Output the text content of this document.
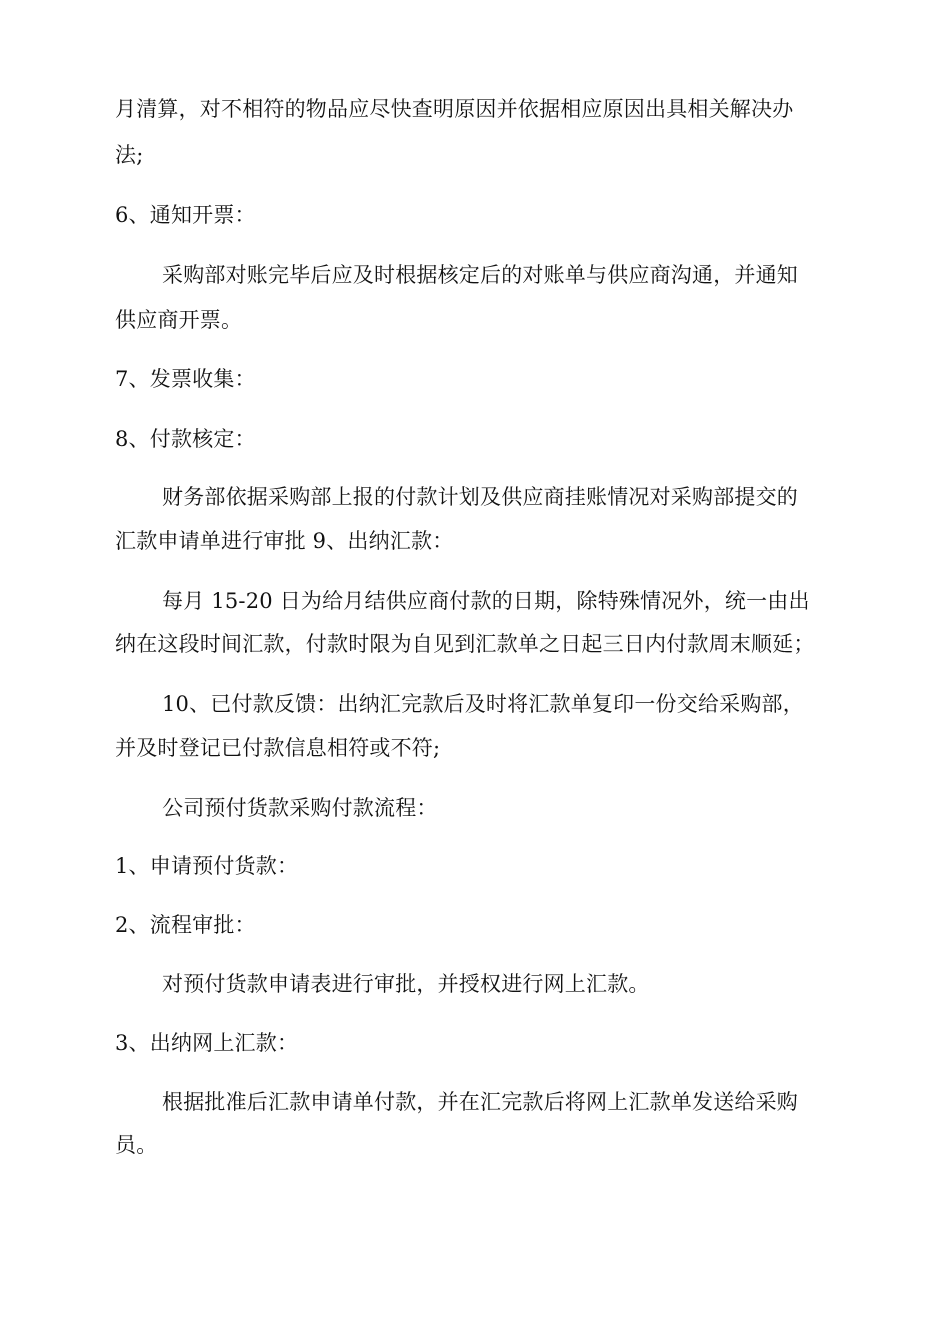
月清算，对不相符的物品应尽快查明原因并依据相应原因出具相关解决办
法;
6、通知开票：
采购部对账完毕后应及时根据核定后的对账单与供应商沟通，并通知
供应商开票。
7、发票收集：
8、付款核定：
财务部依据采购部上报的付款计划及供应商挂账情况对采购部提交的
汇款申请单进行审批 9、出纳汇款：
每月 15-20 日为给月结供应商付款的日期，除特殊情况外，统一由出
纳在这段时间汇款，付款时限为自见到汇款单之日起三日内付款周末顺延；
10、已付款反馈：出纳汇完款后及时将汇款单复印一份交给采购部，
并及时登记已付款信息相符或不符;
公司预付货款采购付款流程：
1、申请预付货款：
2、流程审批：
对预付货款申请表进行审批，并授权进行网上汇款。
3、出纳网上汇款：
根据批准后汇款申请单付款，并在汇完款后将网上汇款单发送给采购
员。
